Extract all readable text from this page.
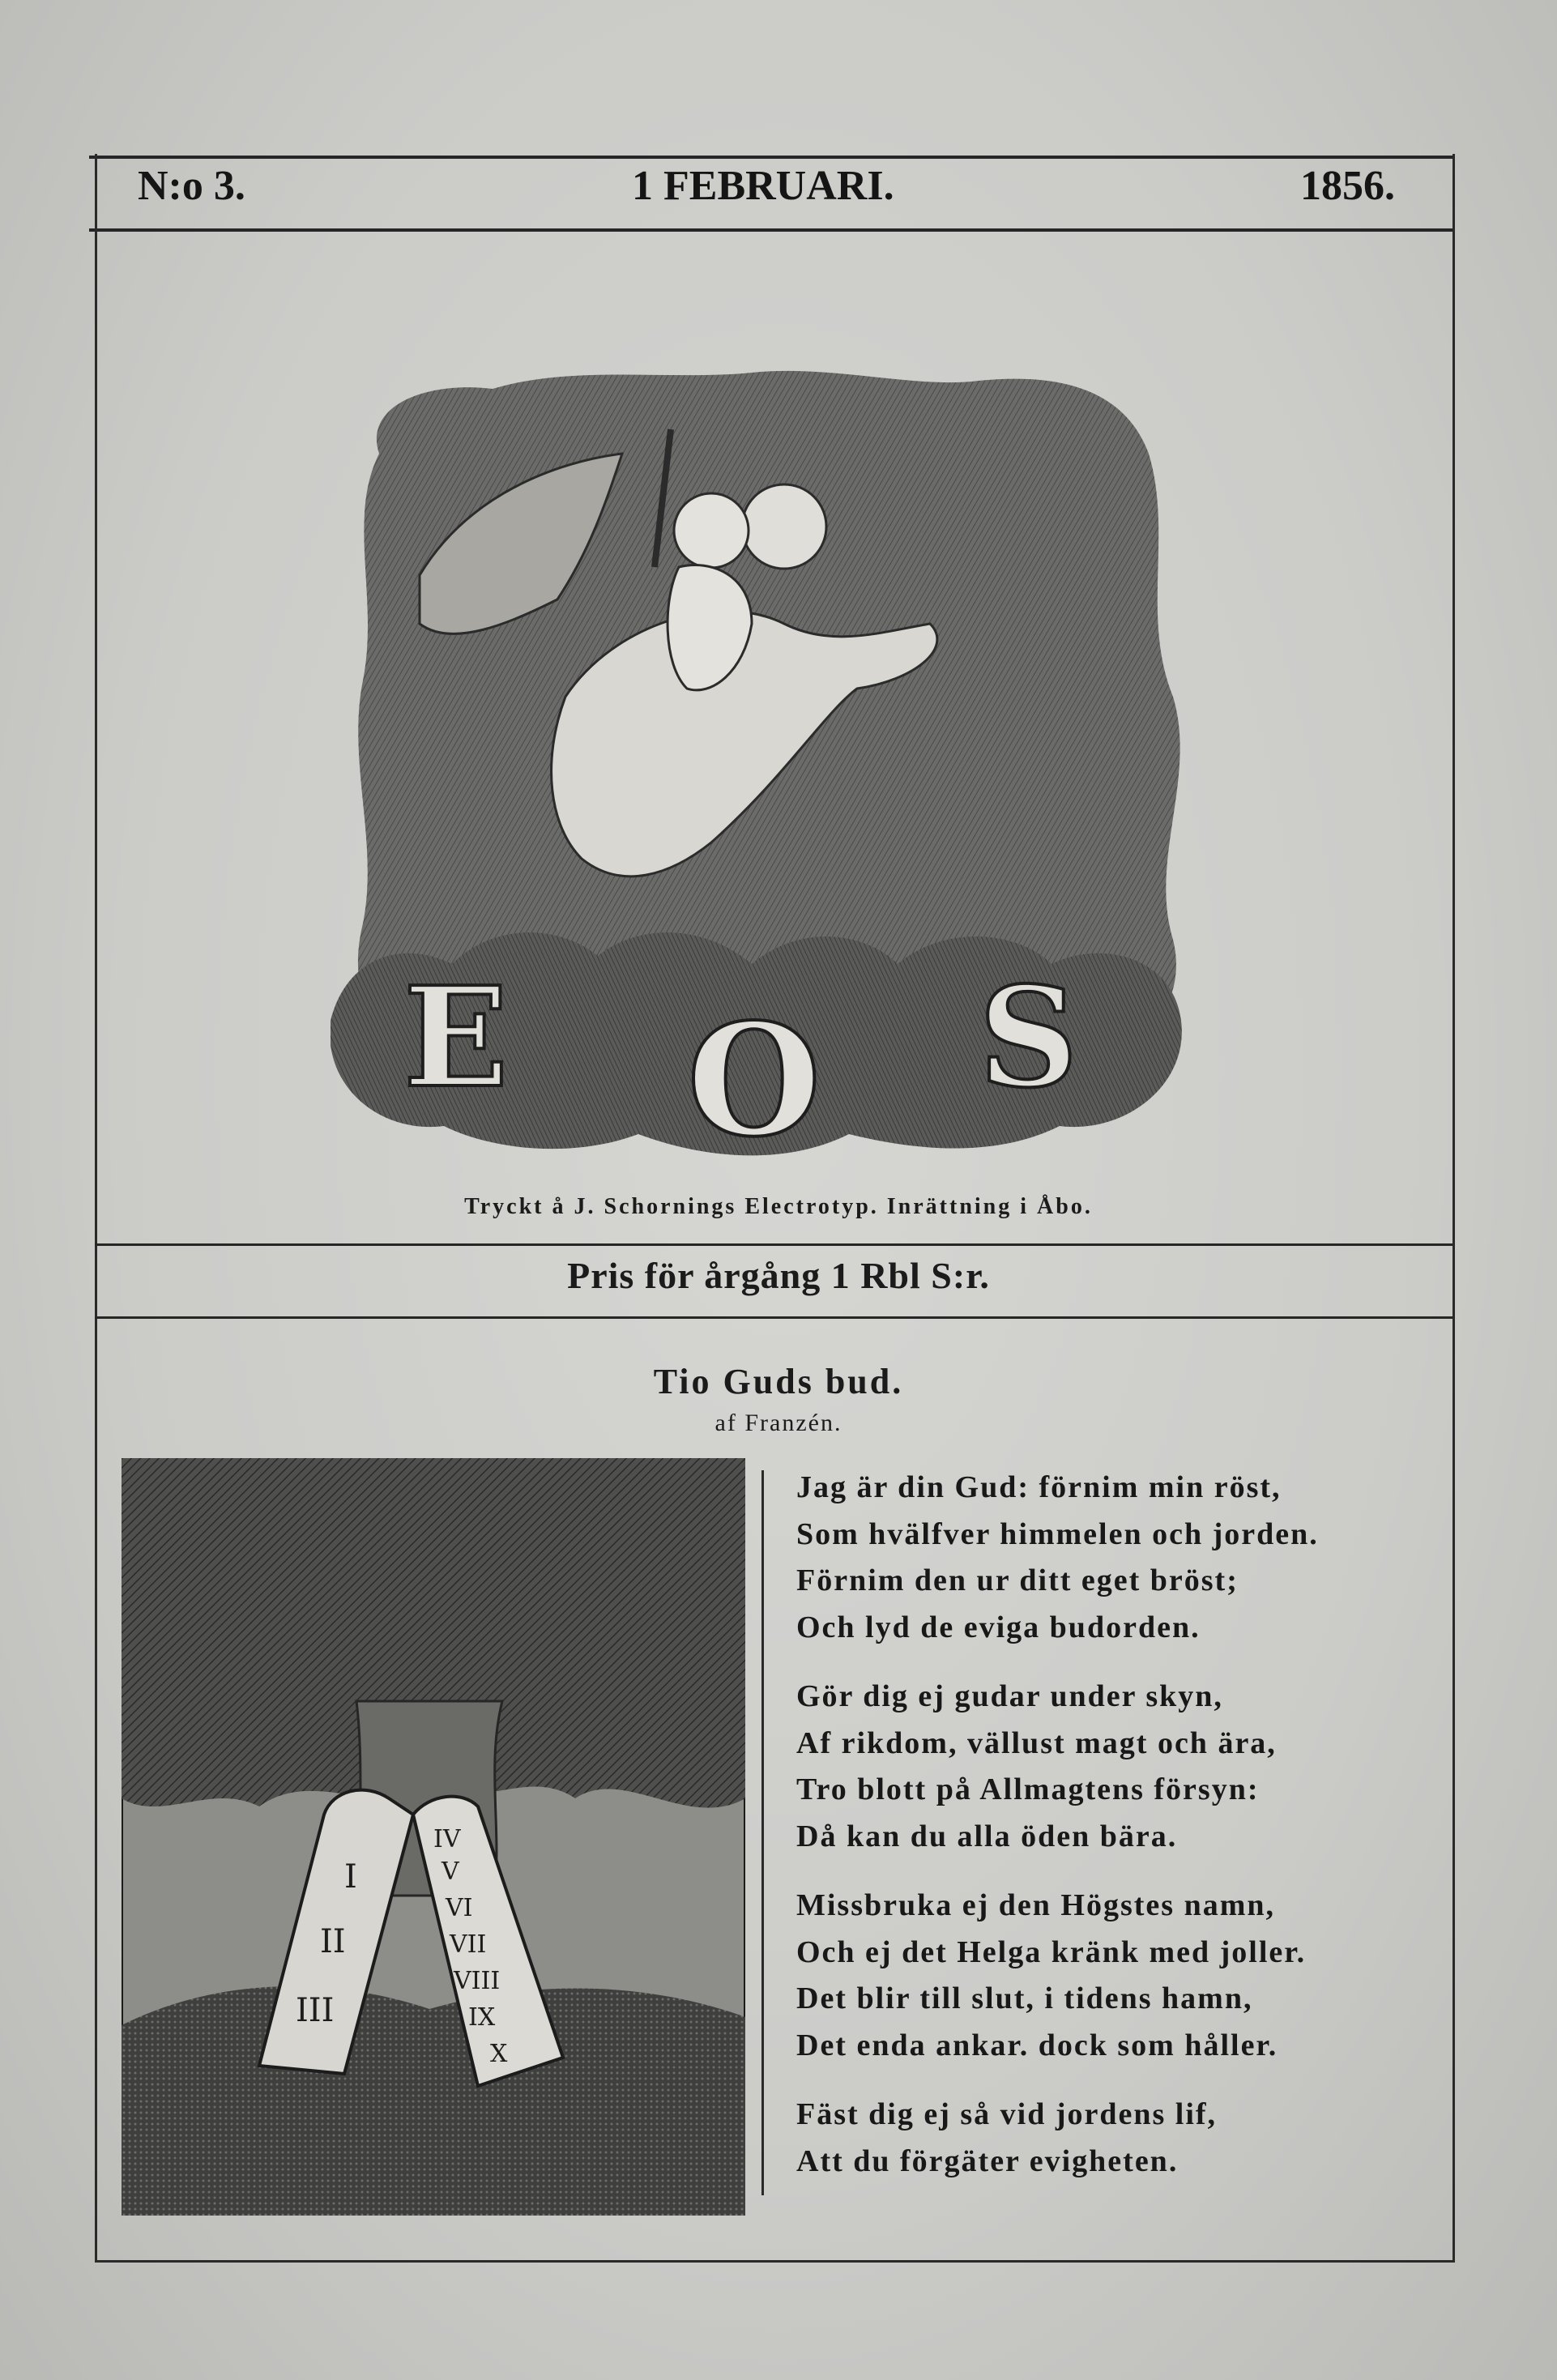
N:o 3.	1 FEBRUARI.	1856.
E O S
Tryckt å J. Schornings Electrotyp. Inrättning i Åbo.
Pris för årgång 1 Rbl S:r.
Tio Guds bud.
af Franzén.
I
II
III
IV
V
VI
VII
VIII
IX
X
Jag är din Gud: förnim min röst,
Som hvälfver himmelen och jorden.
Förnim den ur ditt eget bröst;
Och lyd de eviga budorden.
Gör dig ej gudar under skyn,
Af rikdom, vällust magt och ära,
Tro blott på Allmagtens försyn:
Då kan du alla öden bära.
Missbruka ej den Högstes namn,
Och ej det Helga kränk med joller.
Det blir till slut, i tidens hamn,
Det enda ankar. dock som håller.
Fäst dig ej så vid jordens lif,
Att du förgäter evigheten.
